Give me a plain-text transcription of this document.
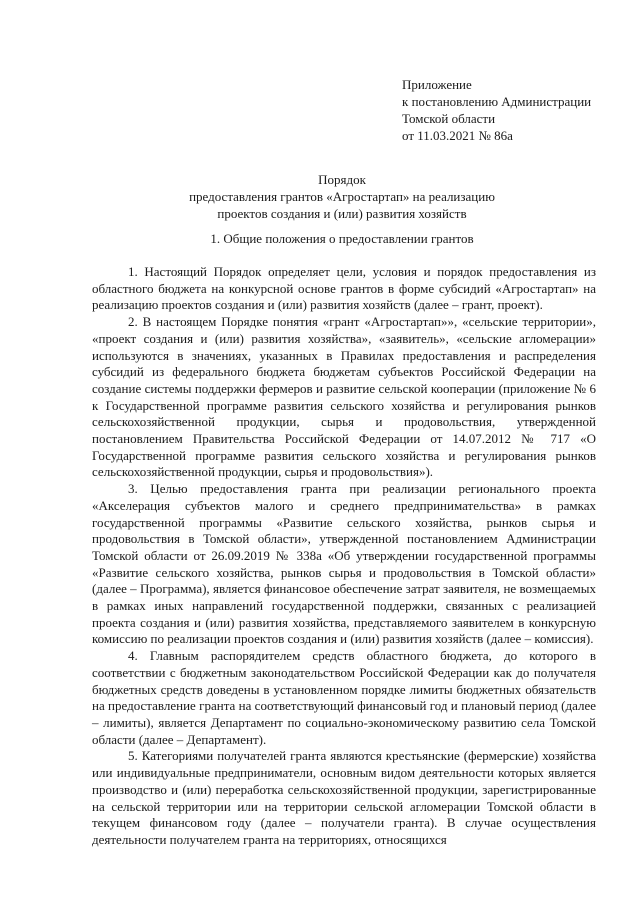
Приложение
к постановлению Администрации
Томской области
от 11.03.2021 № 86а
Порядок
предоставления грантов «Агростартап» на реализацию
проектов создания и (или) развития хозяйств
1. Общие положения о предоставлении грантов

1. Настоящий Порядок определяет цели, условия и порядок предоставления из областного бюджета на конкурсной основе грантов в форме субсидий «Агростартап» на реализацию проектов создания и (или) развития хозяйств (далее – грант, проект).

2. В настоящем Порядке понятия «грант «Агростартап»», «сельские территории», «проект создания и (или) развития хозяйства», «заявитель», «сельские агломерации» используются в значениях, указанных в Правилах предоставления и распределения субсидий из федерального бюджета бюджетам субъектов Российской Федерации на создание системы поддержки фермеров и развитие сельской кооперации (приложение № 6 к Государственной программе развития сельского хозяйства и регулирования рынков сельскохозяйственной продукции, сырья и продовольствия, утвержденной постановлением Правительства Российской Федерации от 14.07.2012 № 717 «О Государственной программе развития сельского хозяйства и регулирования рынков сельскохозяйственной продукции, сырья и продовольствия»).

3. Целью предоставления гранта при реализации регионального проекта «Акселерация субъектов малого и среднего предпринимательства» в рамках государственной программы «Развитие сельского хозяйства, рынков сырья и продовольствия в Томской области», утвержденной постановлением Администрации Томской области от 26.09.2019 № 338а «Об утверждении государственной программы «Развитие сельского хозяйства, рынков сырья и продовольствия в Томской области» (далее – Программа), является финансовое обеспечение затрат заявителя, не возмещаемых в рамках иных направлений государственной поддержки, связанных с реализацией проекта создания и (или) развития хозяйства, представляемого заявителем в конкурсную комиссию по реализации проектов создания и (или) развития хозяйств (далее – комиссия).

4. Главным распорядителем средств областного бюджета, до которого в соответствии с бюджетным законодательством Российской Федерации как до получателя бюджетных средств доведены в установленном порядке лимиты бюджетных обязательств на предоставление гранта на соответствующий финансовый год и плановый период (далее – лимиты), является Департамент по социально-экономическому развитию села Томской области (далее – Департамент).

5. Категориями получателей гранта являются крестьянские (фермерские) хозяйства или индивидуальные предприниматели, основным видом деятельности которых является производство и (или) переработка сельскохозяйственной продукции, зарегистрированные на сельской территории или на территории сельской агломерации Томской области в текущем финансовом году (далее – получатели гранта). В случае осуществления деятельности получателем гранта на территориях, относящихся
